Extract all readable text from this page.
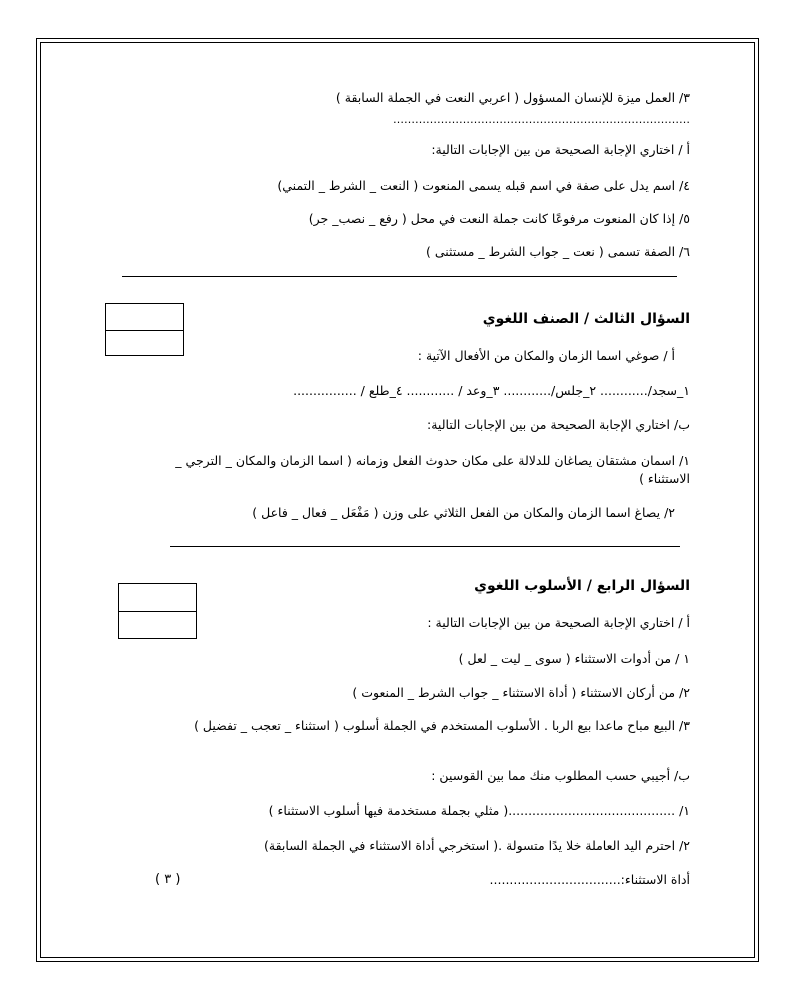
٣/ العمل ميزة للإنسان المسؤول ( اعربي النعت في الجملة السابقة )
………………………………………………………………………
أ / اختاري الإجابة الصحيحة من بين الإجابات التالية:
٤/ اسم يدل على صفة في اسم قبله يسمى المنعوت ( النعت _ الشرط _ التمني)
٥/ إذا كان المنعوت مرفوعًا كانت جملة النعت في محل ( رفع _ نصب_ جر)
٦/ الصفة تسمى ( نعت _ جواب الشرط _ مستثنى )
السؤال الثالث / الصنف اللغوي
أ / صوغي اسما الزمان والمكان من الأفعال الآتية :
١_سجد/............ ٢_جلس/............ ٣_وعد / ............ ٤_طلع / ................
ب/ اختاري الإجابة الصحيحة من بين الإجابات التالية:
١/ اسمان مشتقان يصاغان للدلالة على مكان حدوث الفعل وزمانه ( اسما الزمان والمكان _ الترجي _ الاستثناء )
٢/ يصاغ اسما الزمان والمكان من الفعل الثلاثي على وزن ( مَفْعَل _ فعال _ فاعل )
السؤال الرابع / الأسلوب اللغوي
أ / اختاري الإجابة الصحيحة من بين الإجابات التالية :
١ / من أدوات الاستثناء ( سوى _ ليت _ لعل )
٢/ من أركان الاستثناء ( أداة الاستثناء _ جواب الشرط _ المنعوت )
٣/ البيع مباح ماعدا بيع الربا . الأسلوب المستخدم في الجملة أسلوب ( استثناء _ تعجب _ تفضيل )
ب/ أجيبي حسب المطلوب منك مما بين القوسين :
١/ ..........................................( مثلي بجملة مستخدمة فيها أسلوب الاستثناء )
٢/ احترم اليد العاملة خلا يدًا متسولة .( استخرجي أداة الاستثناء في الجملة السابقة)
أداة الاستثناء:.................................
( ٣ )
